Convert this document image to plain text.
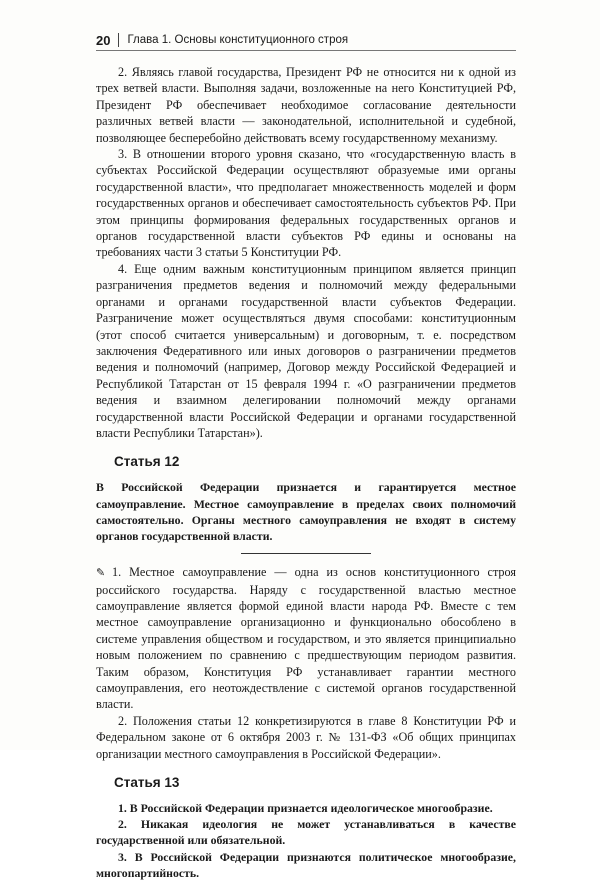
20 Глава 1. Основы конституционного строя

2. Являясь главой государства, Президент РФ не относится ни к одной из трех ветвей власти. Выполняя задачи, возложенные на него Конституцией РФ, Президент РФ обеспечивает необходимое согласование деятельности различных ветвей власти — законодательной, исполнительной и судебной, позволяющее бесперебойно действовать всему государственному механизму.

3. В отношении второго уровня сказано, что «государственную власть в субъектах Российской Федерации осуществляют образуемые ими органы государственной власти», что предполагает множественность моделей и форм государственных органов и обеспечивает самостоятельность субъектов РФ. При этом принципы формирования федеральных государственных органов и органов государственной власти субъектов РФ едины и основаны на требованиях части 3 статьи 5 Конституции РФ.

4. Еще одним важным конституционным принципом является принцип разграничения предметов ведения и полномочий между федеральными органами и органами государственной власти субъектов Федерации. Разграничение может осуществляться двумя способами: конституционным (этот способ считается универсальным) и договорным, т. е. посредством заключения Федеративного или иных договоров о разграничении предметов ведения и полномочий (например, Договор между Российской Федерацией и Республикой Татарстан от 15 февраля 1994 г. «О разграничении предметов ведения и взаимном делегировании полномочий между органами государственной власти Российской Федерации и органами государственной власти Республики Татарстан»).

Статья 12

В Российской Федерации признается и гарантируется местное самоуправление. Местное самоуправление в пределах своих полномочий самостоятельно. Органы местного самоуправления не входят в систему органов государственной власти.

✎ 1. Местное самоуправление — одна из основ конституционного строя российского государства. Наряду с государственной властью местное самоуправление является формой единой власти народа РФ. Вместе с тем местное самоуправление организационно и функционально обособлено в системе управления обществом и государством, и это является принципиально новым положением по сравнению с предшествующим периодом развития. Таким образом, Конституция РФ устанавливает гарантии местного самоуправления, его неотождествление с системой органов государственной власти.

2. Положения статьи 12 конкретизируются в главе 8 Конституции РФ и Федеральном законе от 6 октября 2003 г. № 131-ФЗ «Об общих принципах организации местного самоуправления в Российской Федерации».

Статья 13

1. В Российской Федерации признается идеологическое многообразие.

2. Никакая идеология не может устанавливаться в качестве государственной или обязательной.

3. В Российской Федерации признаются политическое многообразие, многопартийность.
